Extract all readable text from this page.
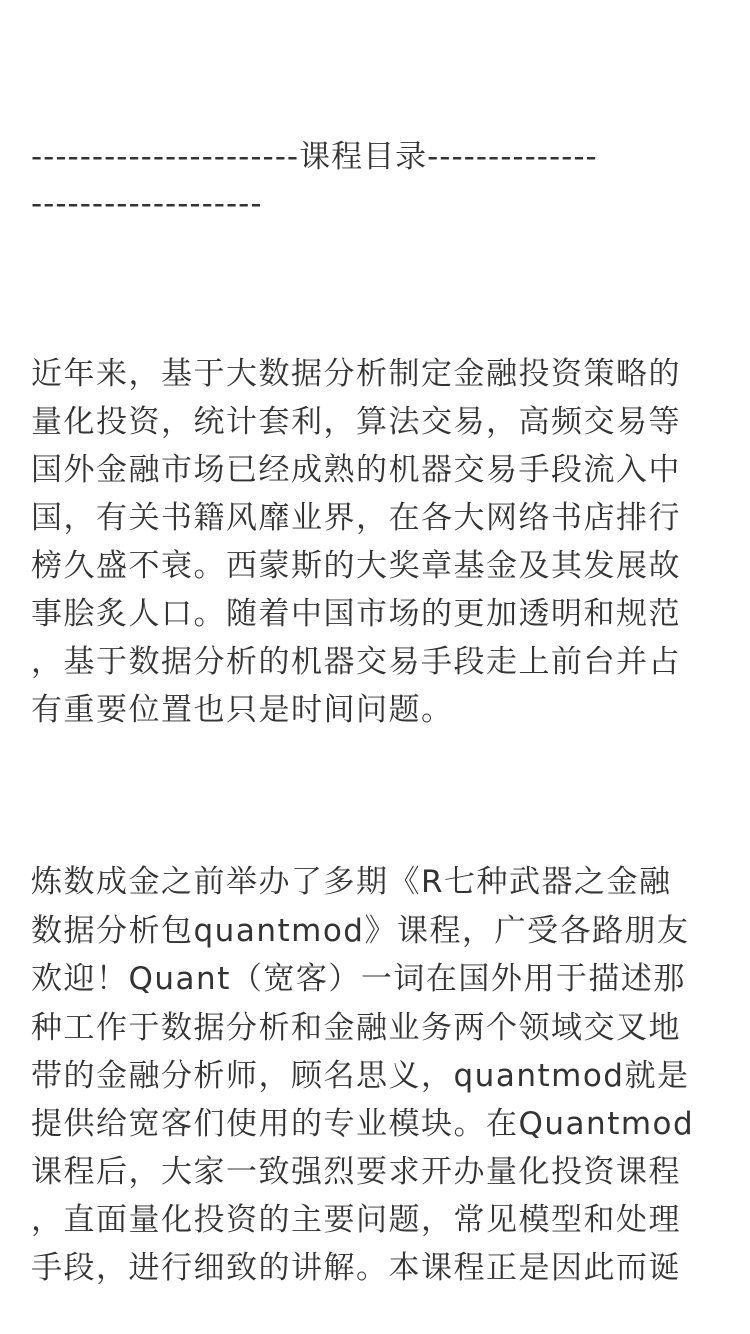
----------------------课程目录--------------
-------------------
近年来，基于大数据分析制定金融投资策略的
量化投资，统计套利，算法交易，高频交易等
国外金融市场已经成熟的机器交易手段流入中
国，有关书籍风靡业界，在各大网络书店排行
榜久盛不衰。西蒙斯的大奖章基金及其发展故
事脍炙人口。随着中国市场的更加透明和规范
，基于数据分析的机器交易手段走上前台并占
有重要位置也只是时间问题。
炼数成金之前举办了多期《R七种武器之金融
数据分析包quantmod》课程，广受各路朋友
欢迎！Quant（宽客）一词在国外用于描述那
种工作于数据分析和金融业务两个领域交叉地
带的金融分析师，顾名思义，quantmod就是
提供给宽客们使用的专业模块。在Quantmod
课程后，大家一致强烈要求开办量化投资课程
，直面量化投资的主要问题，常见模型和处理
手段，进行细致的讲解。本课程正是因此而诞
